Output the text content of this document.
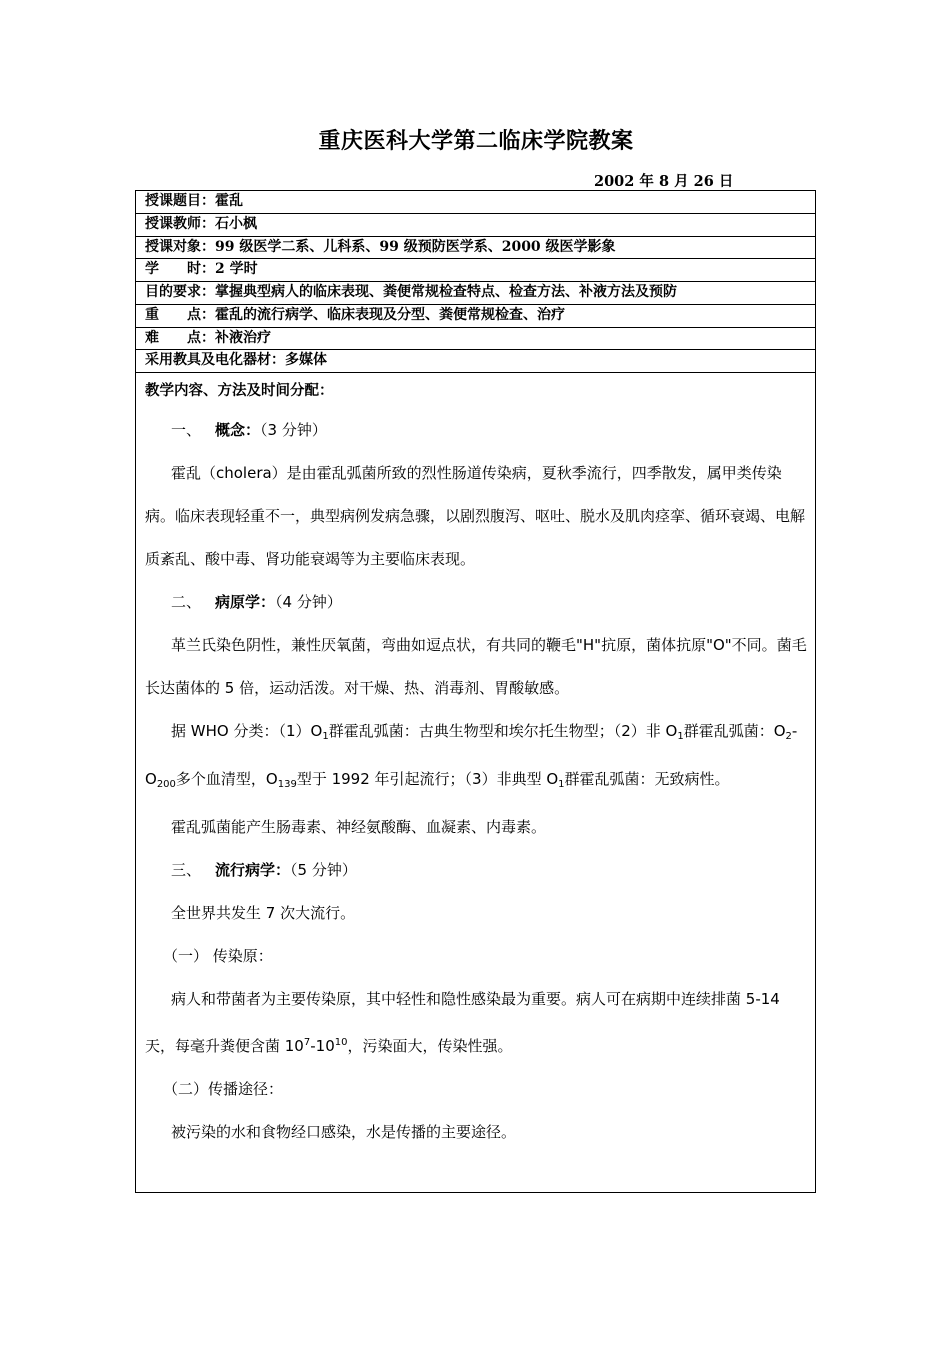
重庆医科大学第二临床学院教案
2002 年 8 月 26 日
授课题目：霍乱
授课教师：石小枫
授课对象：99 级医学二系、儿科系、99 级预防医学系、2000 级医学影象
学　　时：2 学时
目的要求：掌握典型病人的临床表现、粪便常规检查特点、检查方法、补液方法及预防
重　　点：霍乱的流行病学、临床表现及分型、粪便常规检查、治疗
难　　点：补液治疗
采用教具及电化器材：多媒体
教学内容、方法及时间分配：
一、 概念：（3 分钟）
霍乱（cholera）是由霍乱弧菌所致的烈性肠道传染病，夏秋季流行，四季散发，属甲类传染病。临床表现轻重不一，典型病例发病急骤，以剧烈腹泻、呕吐、脱水及肌肉痉挛、循环衰竭、电解质紊乱、酸中毒、肾功能衰竭等为主要临床表现。
二、 病原学：（4 分钟）
革兰氏染色阴性，兼性厌氧菌，弯曲如逗点状，有共同的鞭毛"H"抗原，菌体抗原"O"不同。菌毛长达菌体的 5 倍，运动活泼。对干燥、热、消毒剂、胃酸敏感。
据 WHO 分类：$(1)O_1$群霍乱弧菌：古典生物型和埃尔托生物型；（2）非 $O_1$群霍乱弧菌：$O_2-O_{200}$多个血清型，$O_{139}$型于 1992 年引起流行；（3）非典型 $O_1$群霍乱弧菌：无致病性。
霍乱弧菌能产生肠毒素、神经氨酸酶、血凝素、内毒素。
三、 流行病学：（5 分钟）
全世界共发生 7 次大流行。
（一） 传染原：
病人和带菌者为主要传染原，其中轻性和隐性感染最为重要。病人可在病期中连续排菌 5-14 天，每毫升粪便含菌 $10^7-10^{10}$，污染面大，传染性强。
（二）传播途径：
被污染的水和食物经口感染，水是传播的主要途径。
